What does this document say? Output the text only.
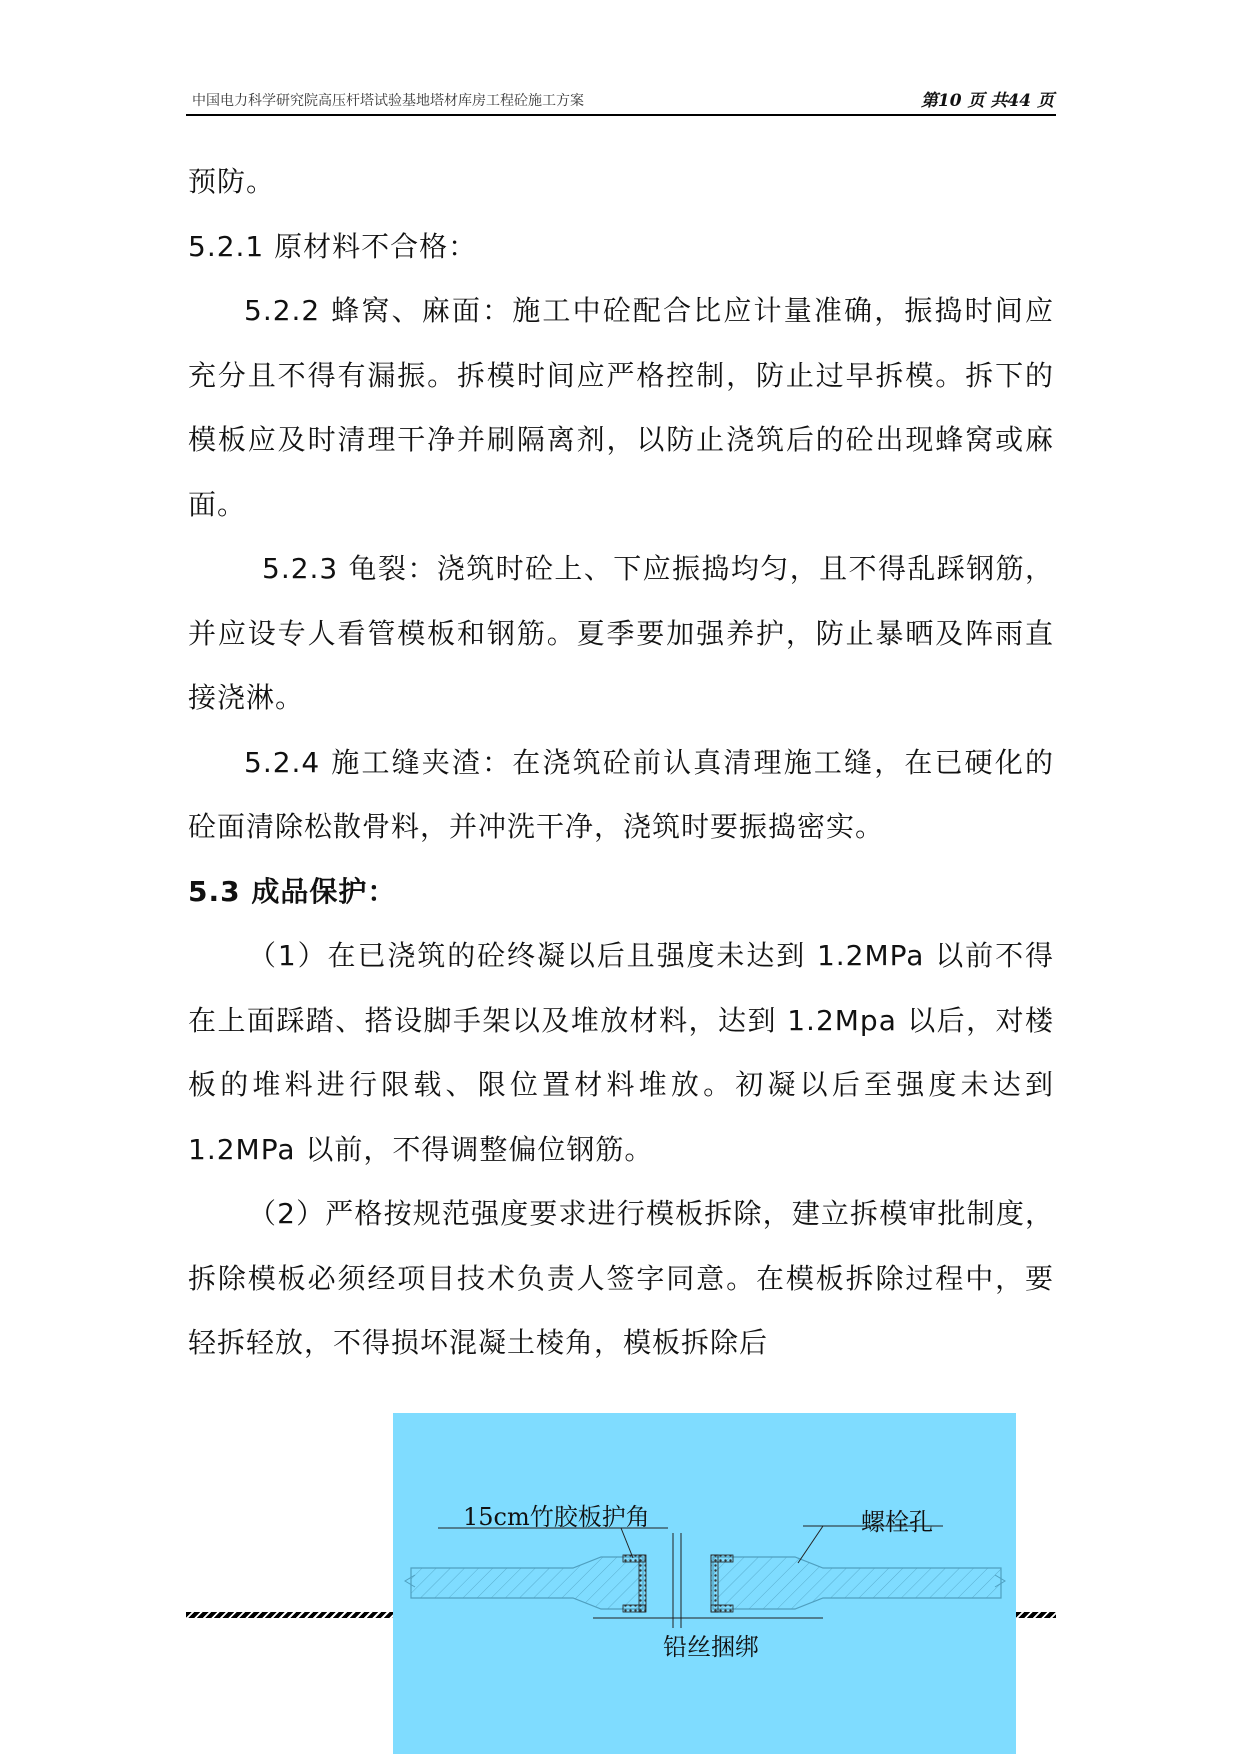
中国电力科学研究院高压杆塔试验基地塔材库房工程砼施工方案	第10 页 共44 页

预防。

5.2.1 原材料不合格：

5.2.2 蜂窝、麻面：施工中砼配合比应计量准确，振捣时间应充分且不得有漏振。拆模时间应严格控制，防止过早拆模。拆下的模板应及时清理干净并刷隔离剂，以防止浇筑后的砼出现蜂窝或麻面。

5.2.3 龟裂：浇筑时砼上、下应振捣均匀，且不得乱踩钢筋，并应设专人看管模板和钢筋。夏季要加强养护，防止暴晒及阵雨直接浇淋。

5.2.4 施工缝夹渣：在浇筑砼前认真清理施工缝，在已硬化的砼面清除松散骨料，并冲洗干净，浇筑时要振捣密实。

5.3 成品保护：

（1）在已浇筑的砼终凝以后且强度未达到 1.2MPa 以前不得在上面踩踏、搭设脚手架以及堆放材料，达到 1.2Mpa 以后，对楼板的堆料进行限载、限位置材料堆放。初凝以后至强度未达到 1.2MPa 以前，不得调整偏位钢筋。

（2）严格按规范强度要求进行模板拆除，建立拆模审批制度，拆除模板必须经项目技术负责人签字同意。在模板拆除过程中，要轻拆轻放，不得损坏混凝土棱角，模板拆除后

15cm竹胶板护角	螺栓孔
铅丝捆绑
